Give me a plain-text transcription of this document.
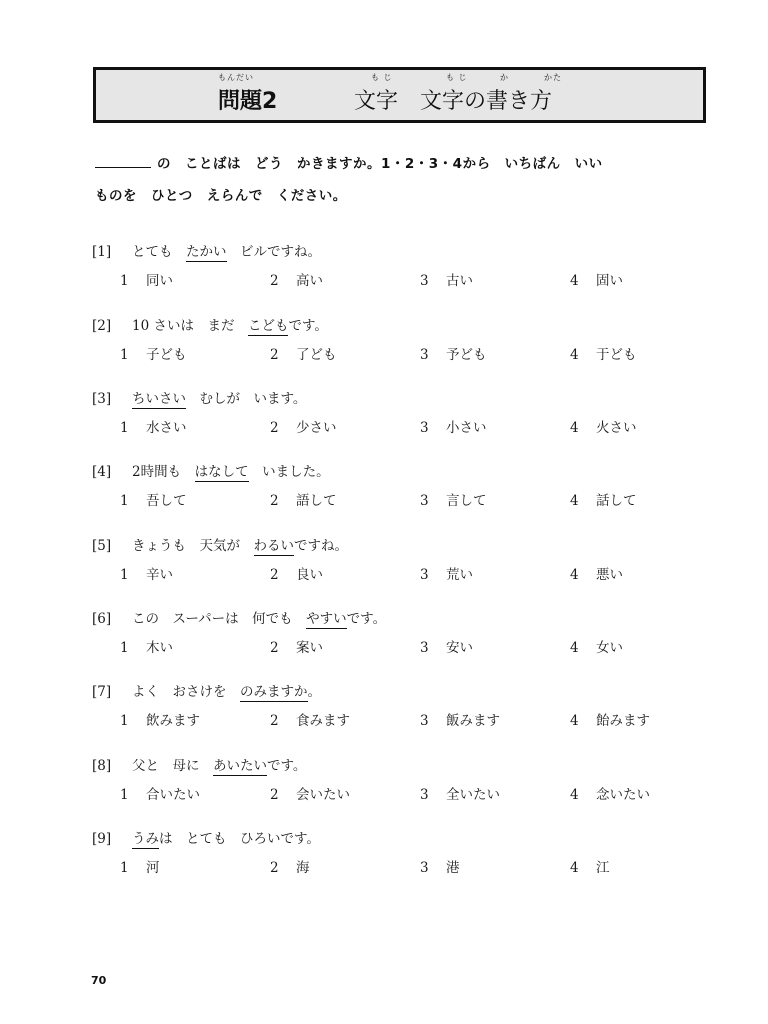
もんだい
問題2
も じ	も じ	か	かた
文字　文字の書き方
の　ことばは　どう　かきますか。1・2・3・4から　いちばん　いい
ものを　ひとつ　えらんで　ください。
[1] とても　たかい　ビルですね。
1 同い	2 高い	3 古い	4 固い
[2] 10 さいは　まだ　こどもです。
1 子ども	2 了ども	3 予ども	4 于ども
[3] ちいさい　むしが　います。
1 水さい	2 少さい	3 小さい	4 火さい
[4] 2時間も　はなして　いました。
1 吾して	2 語して	3 言して	4 話して
[5] きょうも　天気が　わるいですね。
1 辛い	2 良い	3 荒い	4 悪い
[6] この　スーパーは　何でも　やすいです。
1 木い	2 案い	3 安い	4 女い
[7] よく　おさけを　のみますか。
1 飲みます	2 食みます	3 飯みます	4 飴みます
[8] 父と　母に　あいたいです。
1 合いたい	2 会いたい	3 全いたい	4 念いたい
[9] うみは　とても　ひろいです。
1 河	2 海	3 港	4 江
70
